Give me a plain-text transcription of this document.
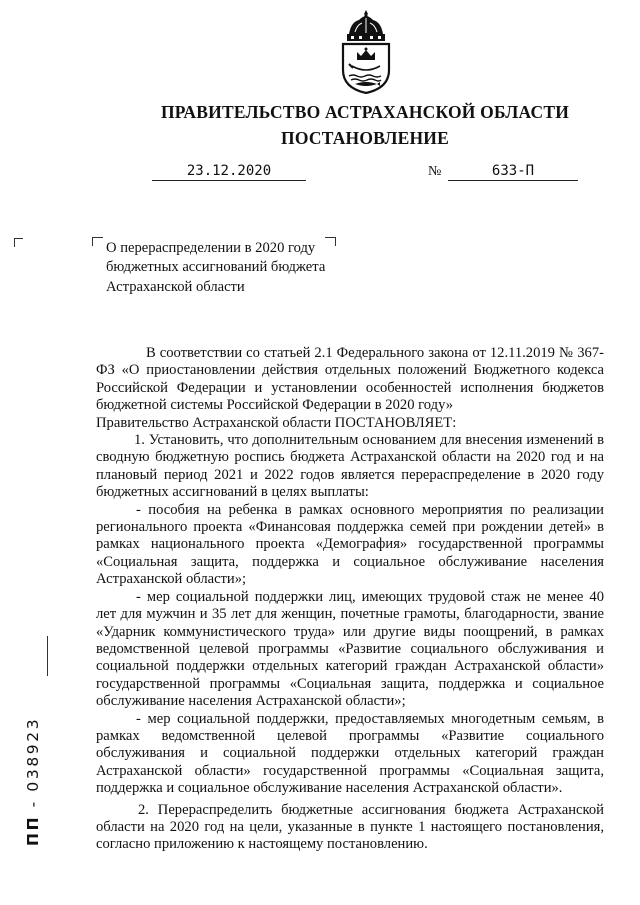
ПРАВИТЕЛЬСТВО АСТРАХАНСКОЙ ОБЛАСТИ
ПОСТАНОВЛЕНИЕ
23.12.2020	№	633-П
О перераспределении в 2020 году
бюджетных ассигнований бюджета
Астраханской области

В соответствии со статьей 2.1 Федерального закона от 12.11.2019 № 367-ФЗ «О приостановлении действия отдельных положений Бюджетного кодекса Российской Федерации и установлении особенностей исполнения бюджетов бюджетной системы Российской Федерации в 2020 году»

Правительство Астраханской области ПОСТАНОВЛЯЕТ:

1. Установить, что дополнительным основанием для внесения изменений в сводную бюджетную роспись бюджета Астраханской области на 2020 год и на плановый период 2021 и 2022 годов является перераспределение в 2020 году бюджетных ассигнований в целях выплаты:

- пособия на ребенка в рамках основного мероприятия по реализации регионального проекта «Финансовая поддержка семей при рождении детей» в рамках национального проекта «Демография» государственной программы «Социальная защита, поддержка и социальное обслуживание населения Астраханской области»;

- мер социальной поддержки лиц, имеющих трудовой стаж не менее 40 лет для мужчин и 35 лет для женщин, почетные грамоты, благодарности, звание «Ударник коммунистического труда» или другие виды поощрений, в рамках ведомственной целевой программы «Развитие социального обслуживания и социальной поддержки отдельных категорий граждан Астраханской области» государственной программы «Социальная защита, поддержка и социальное обслуживание населения Астраханской области»;

- мер социальной поддержки, предоставляемых многодетным семьям, в рамках ведомственной целевой программы «Развитие социального обслуживания и социальной поддержки отдельных категорий граждан Астраханской области» государственной программы «Социальная защита, поддержка и социальное обслуживание населения Астраханской области».

2. Перераспределить бюджетные ассигнования бюджета Астраханской области на 2020 год на цели, указанные в пункте 1 настоящего постановления, согласно приложению к настоящему постановлению.

ПП - 038923
